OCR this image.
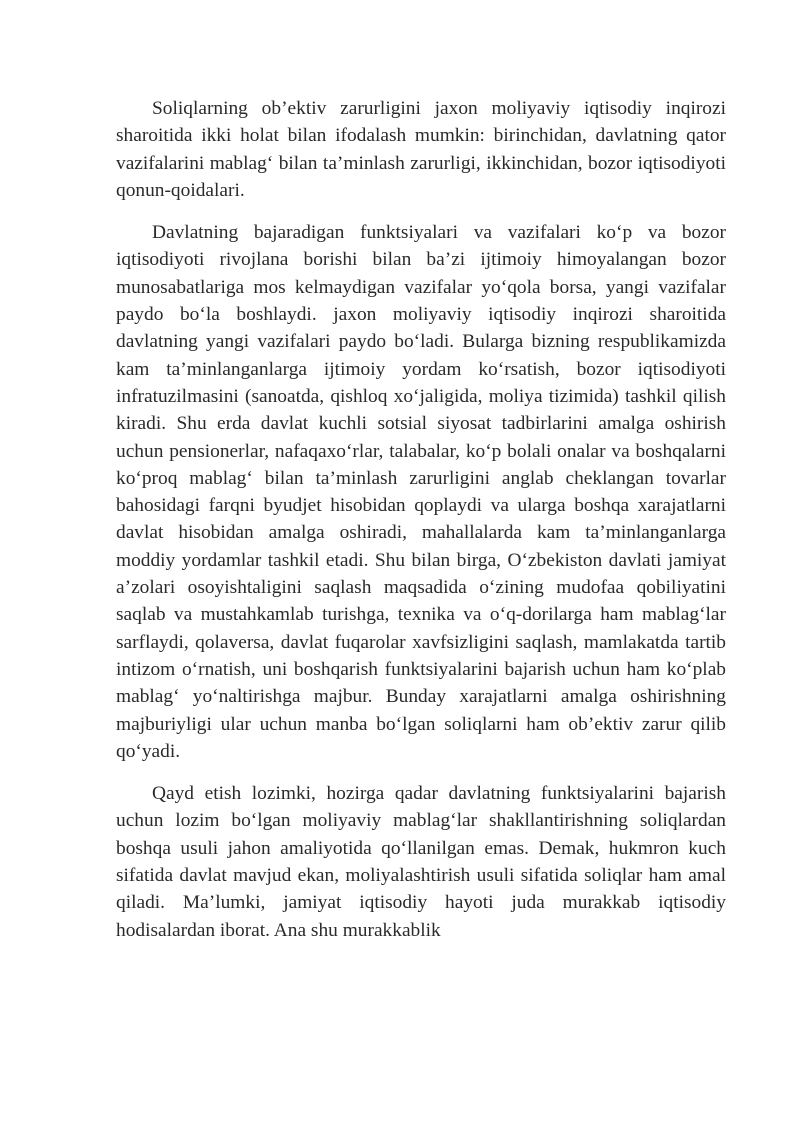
Soliqlarning ob’ektiv zarurligini jaxon moliyaviy iqtisodiy inqirozi sharoitida ikki holat bilan ifodalash mumkin: birinchidan, davlatning qator vazifalarini mablag‘ bilan ta’minlash zarurligi, ikkinchidan, bozor iqtisodiyoti qonun-qoidalari.

Davlatning bajaradigan funktsiyalari va vazifalari ko‘p va bozor iqtisodiyoti rivojlana borishi bilan ba’zi ijtimoiy himoyalangan bozor munosabatlariga mos kelmaydigan vazifalar yo‘qola borsa, yangi vazifalar paydo bo‘la boshlaydi. jaxon moliyaviy iqtisodiy inqirozi sharoitida davlatning yangi vazifalari paydo bo‘ladi. Bularga bizning respublikamizda kam ta’minlanganlarga ijtimoiy yordam ko‘rsatish, bozor iqtisodiyoti infratuzilmasini (sanoatda, qishloq xo‘jaligida, moliya tizimida) tashkil qilish kiradi. Shu erda davlat kuchli sotsial siyosat tadbirlarini amalga oshirish uchun pensionerlar, nafaqaxo‘rlar, talabalar, ko‘p bolali onalar va boshqalarni ko‘proq mablag‘ bilan ta’minlash zarurligini anglab cheklangan tovarlar bahosidagi farqni byudjet hisobidan qoplaydi va ularga boshqa xarajatlarni davlat hisobidan amalga oshiradi, mahallalarda kam ta’minlanganlarga moddiy yordamlar tashkil etadi. Shu bilan birga, O‘zbekiston davlati jamiyat a’zolari osoyishtaligini saqlash maqsadida o‘zining mudofaa qobiliyatini saqlab va mustahkamlab turishga, texnika va o‘q-dorilarga ham mablag‘lar sarflaydi, qolaversa, davlat fuqarolar xavfsizligini saqlash, mamlakatda tartib intizom o‘rnatish, uni boshqarish funktsiyalarini bajarish uchun ham ko‘plab mablag‘ yo‘naltirishga majbur. Bunday xarajatlarni amalga oshirishning majburiyligi ular uchun manba bo‘lgan soliqlarni ham ob’ektiv zarur qilib qo‘yadi.

Qayd etish lozimki, hozirga qadar davlatning funktsiyalarini bajarish uchun lozim bo‘lgan moliyaviy mablag‘lar shakllantirishning soliqlardan boshqa usuli jahon amaliyotida qo‘llanilgan emas. Demak, hukmron kuch sifatida davlat mavjud ekan, moliyalashtirish usuli sifatida soliqlar ham amal qiladi. Ma’lumki, jamiyat iqtisodiy hayoti juda murakkab iqtisodiy hodisalardan iborat. Ana shu murakkablik
